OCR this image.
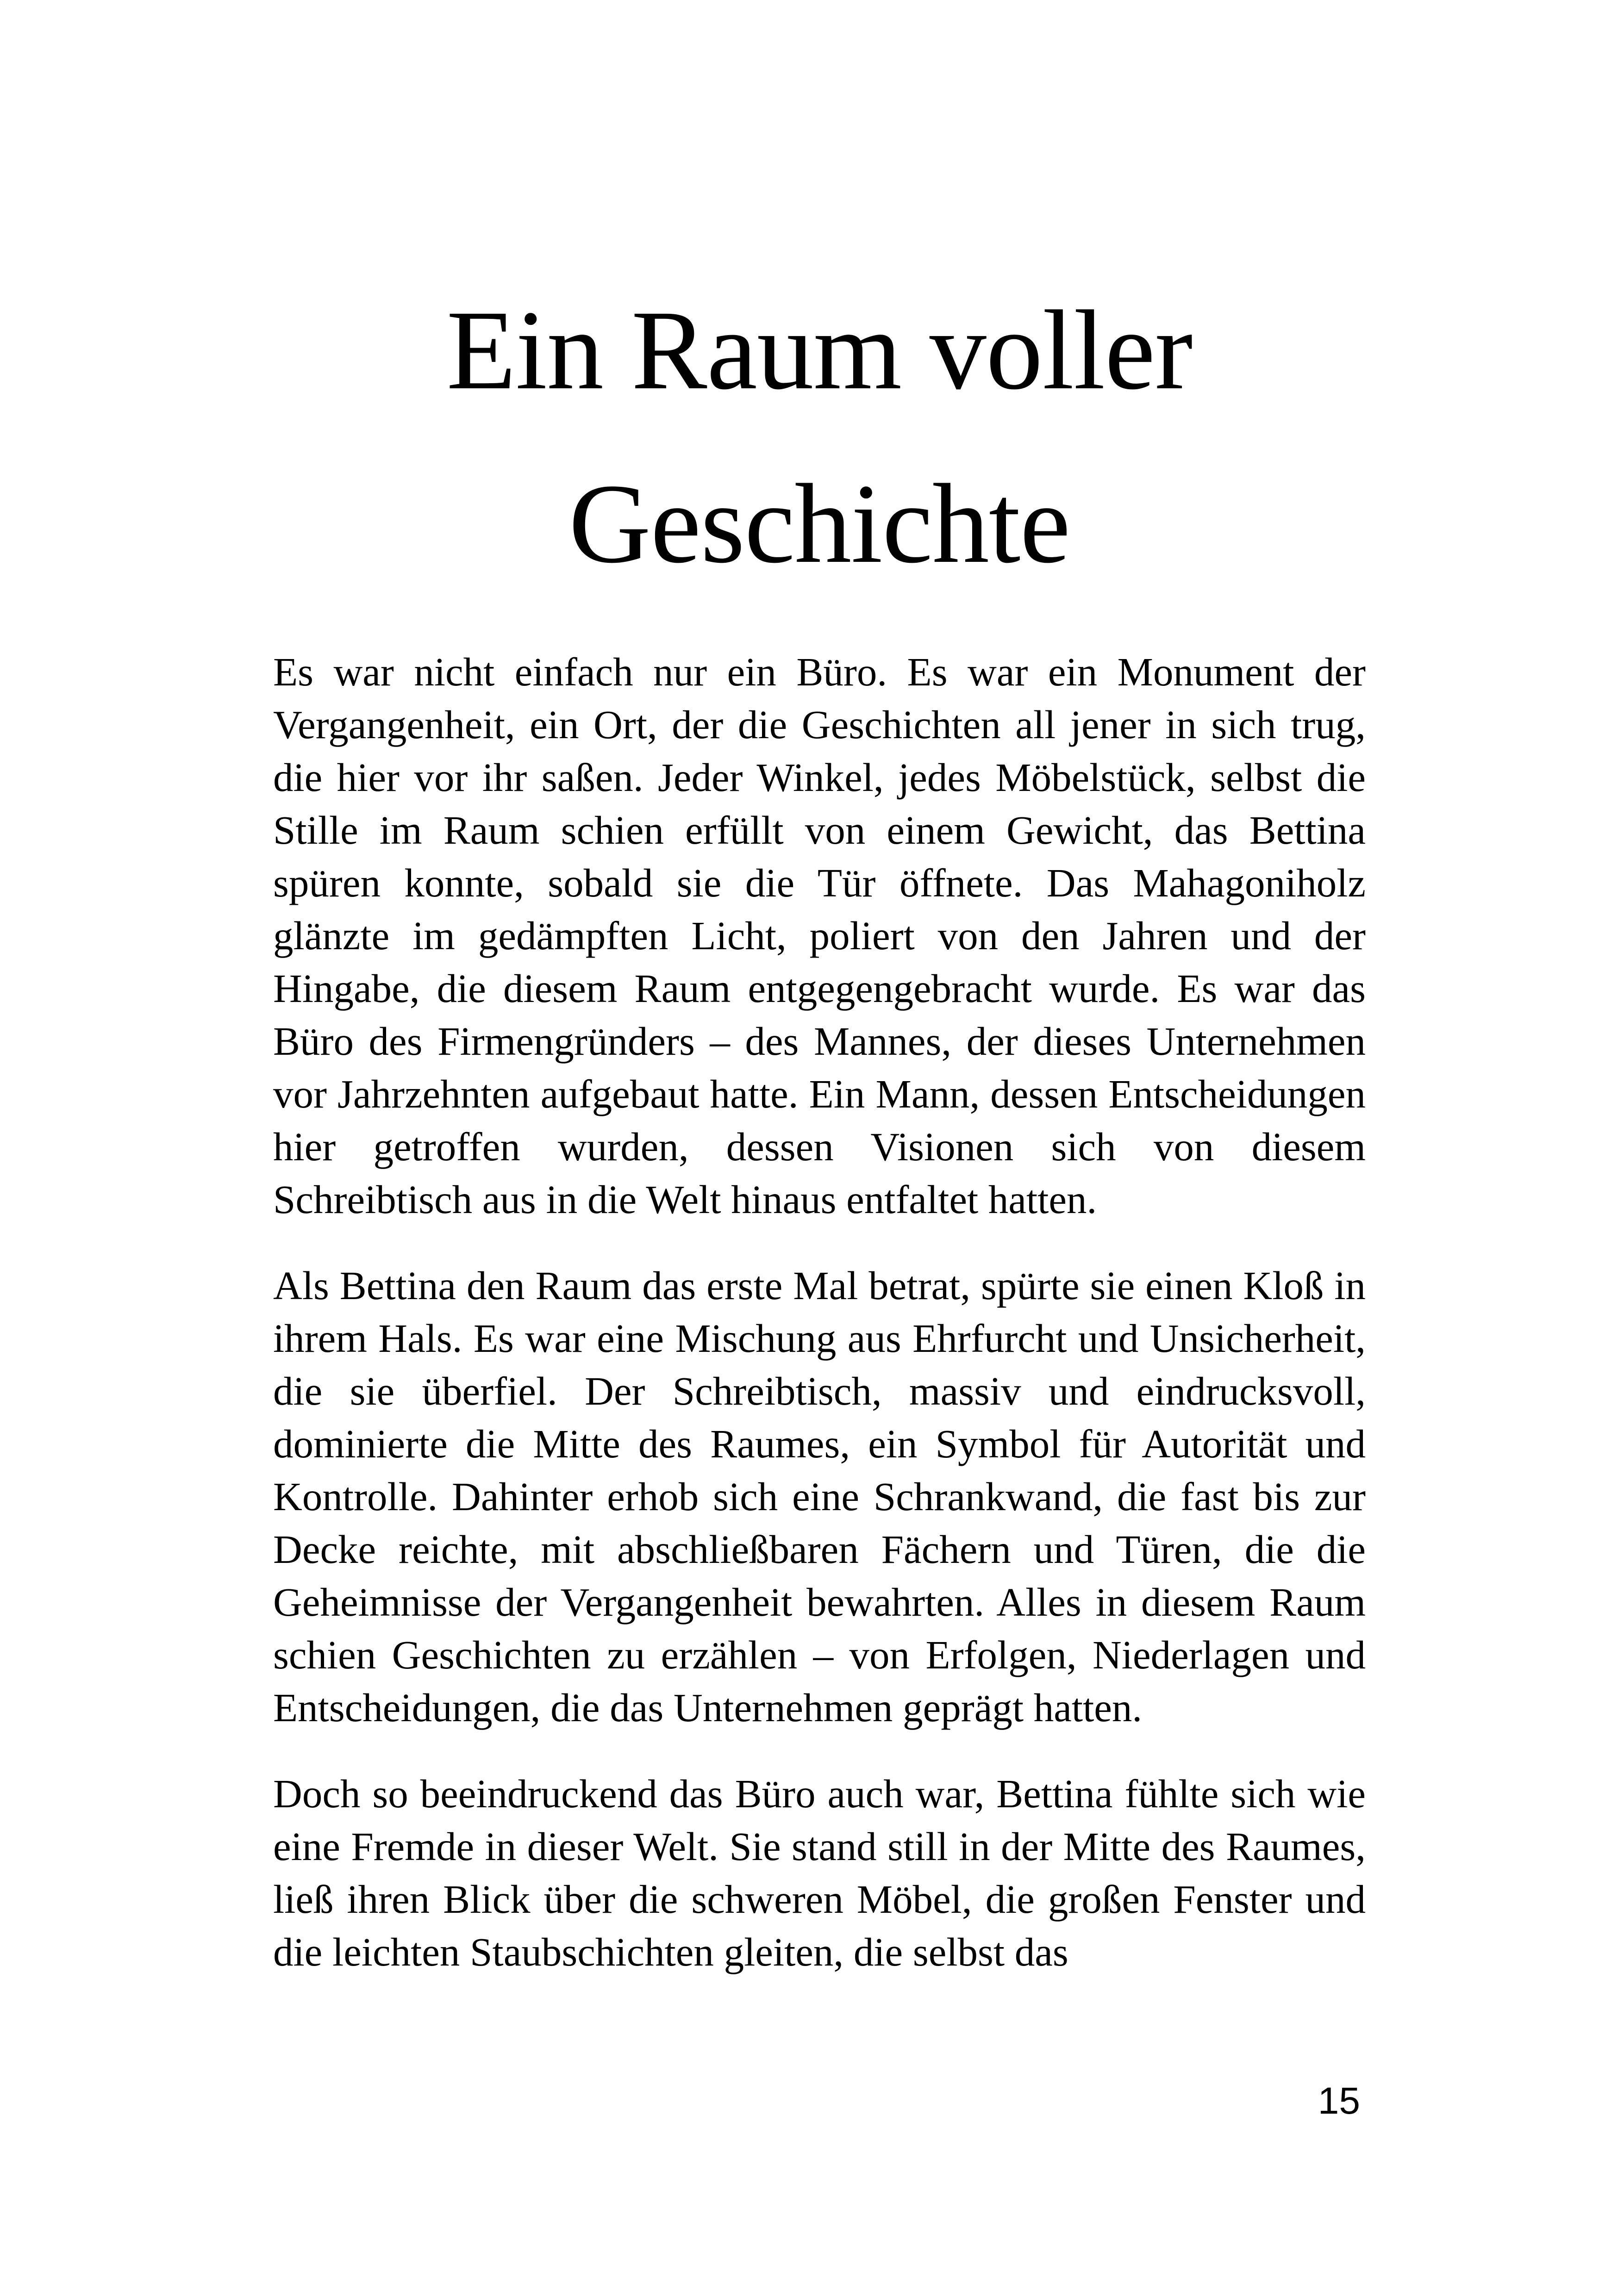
Ein Raum voller
Geschichte

Es war nicht einfach nur ein Büro. Es war ein Monument der Vergangenheit, ein Ort, der die Geschichten all jener in sich trug, die hier vor ihr saßen. Jeder Winkel, jedes Möbelstück, selbst die Stille im Raum schien erfüllt von einem Gewicht, das Bettina spüren konnte, sobald sie die Tür öffnete. Das Mahagoniholz glänzte im gedämpften Licht, poliert von den Jahren und der Hingabe, die diesem Raum entgegengebracht wurde. Es war das Büro des Firmengründers – des Mannes, der dieses Unternehmen vor Jahrzehnten aufgebaut hatte. Ein Mann, dessen Entscheidungen hier getroffen wurden, dessen Visionen sich von diesem Schreibtisch aus in die Welt hinaus entfaltet hatten.

Als Bettina den Raum das erste Mal betrat, spürte sie einen Kloß in ihrem Hals. Es war eine Mischung aus Ehrfurcht und Unsicherheit, die sie überfiel. Der Schreibtisch, massiv und eindrucksvoll, dominierte die Mitte des Raumes, ein Symbol für Autorität und Kontrolle. Dahinter erhob sich eine Schrankwand, die fast bis zur Decke reichte, mit abschließbaren Fächern und Türen, die die Geheimnisse der Vergangenheit bewahrten. Alles in diesem Raum schien Geschichten zu erzählen – von Erfolgen, Niederlagen und Entscheidungen, die das Unternehmen geprägt hatten.

Doch so beeindruckend das Büro auch war, Bettina fühlte sich wie eine Fremde in dieser Welt. Sie stand still in der Mitte des Raumes, ließ ihren Blick über die schweren Möbel, die großen Fenster und die leichten Staubschichten gleiten, die selbst das

15
